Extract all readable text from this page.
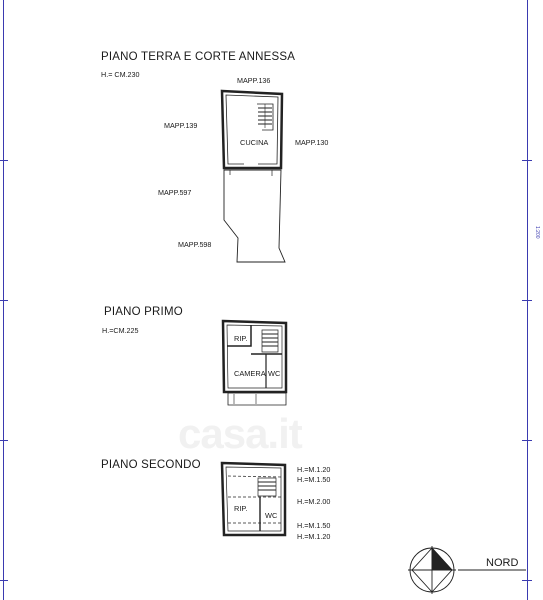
1:200
casa.it
PIANO TERRA E CORTE ANNESSA
H.= CM.230
MAPP.136
MAPP.139
MAPP.130
CUCINA
MAPP.597
MAPP.598
PIANO PRIMO
H.=CM.225
RIP.
CAMERA WC
PIANO SECONDO	H.=M.1.20
H.=M.1.50
H.=M.2.00
H.=M.1.50
H.=M.1.20
RIP.
WC
NORD
